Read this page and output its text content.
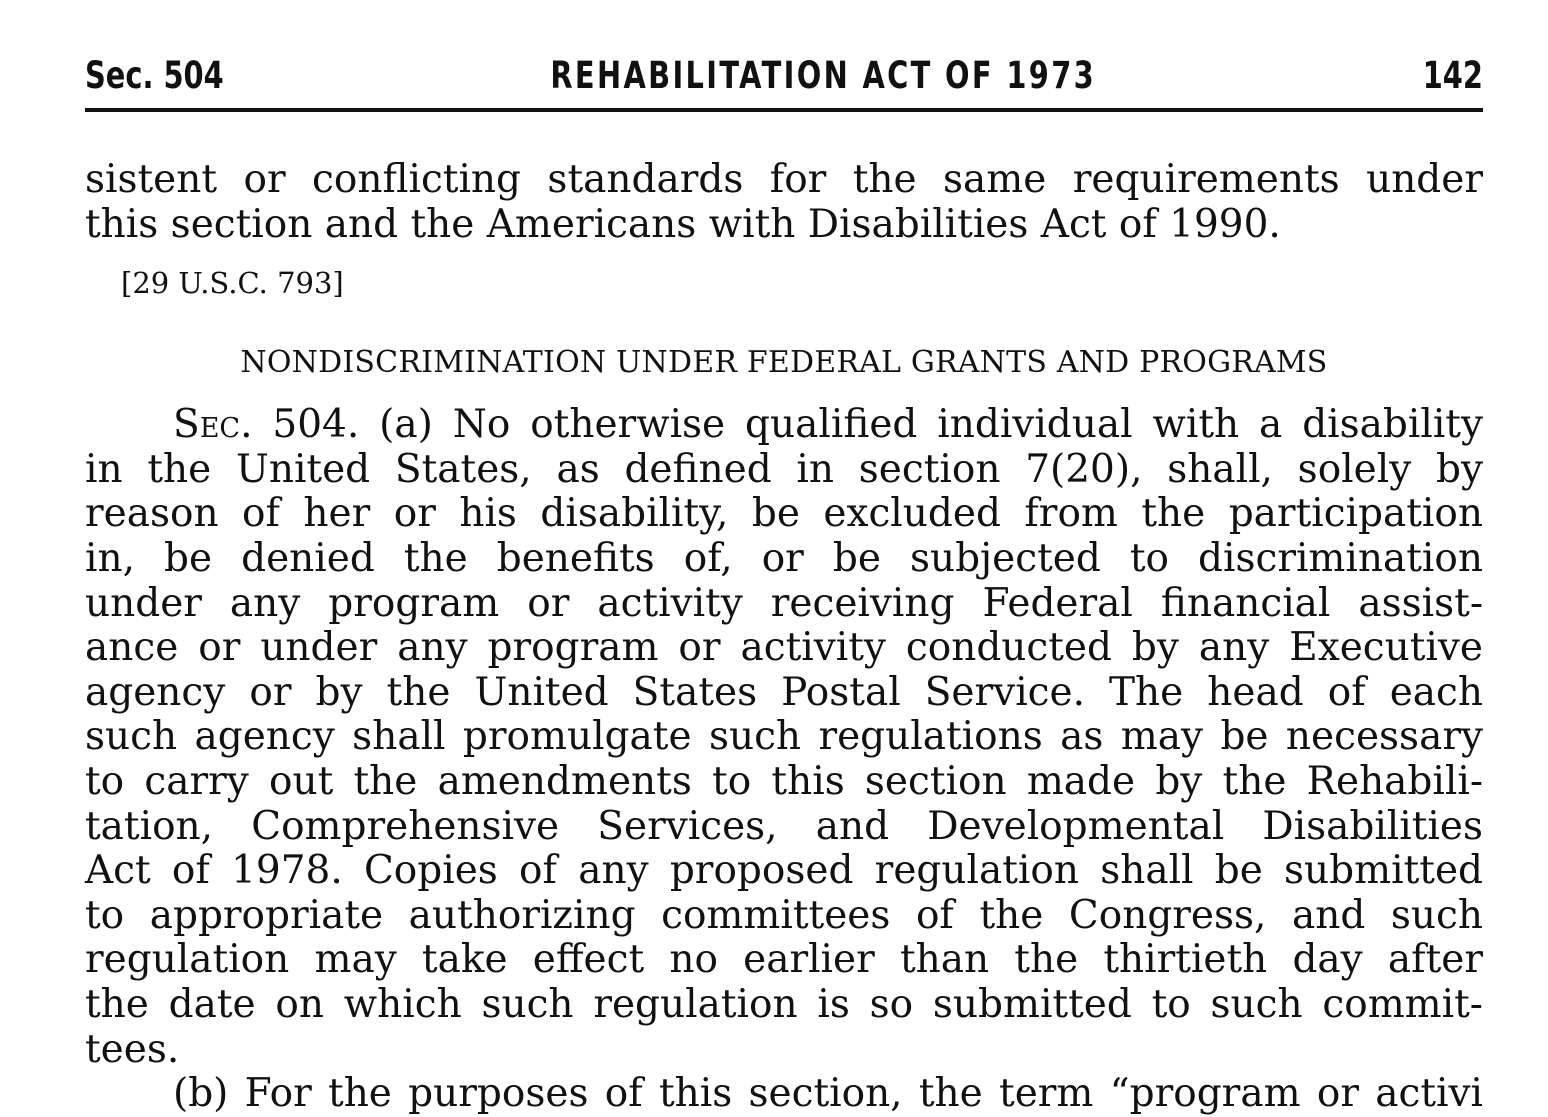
Sec. 504	REHABILITATION ACT OF 1973	142
sistent or conflicting standards for the same requirements under
this section and the Americans with Disabilities Act of 1990.
[29 U.S.C. 793]
NONDISCRIMINATION UNDER FEDERAL GRANTS AND PROGRAMS
Sec. 504. (a) No otherwise qualified individual with a disability
in the United States, as defined in section 7(20), shall, solely by
reason of her or his disability, be excluded from the participation
in, be denied the benefits of, or be subjected to discrimination
under any program or activity receiving Federal financial assist-
ance or under any program or activity conducted by any Executive
agency or by the United States Postal Service. The head of each
such agency shall promulgate such regulations as may be necessary
to carry out the amendments to this section made by the Rehabili-
tation, Comprehensive Services, and Developmental Disabilities
Act of 1978. Copies of any proposed regulation shall be submitted
to appropriate authorizing committees of the Congress, and such
regulation may take effect no earlier than the thirtieth day after
the date on which such regulation is so submitted to such commit-
tees.
(b) For the purposes of this section, the term “program or activi
